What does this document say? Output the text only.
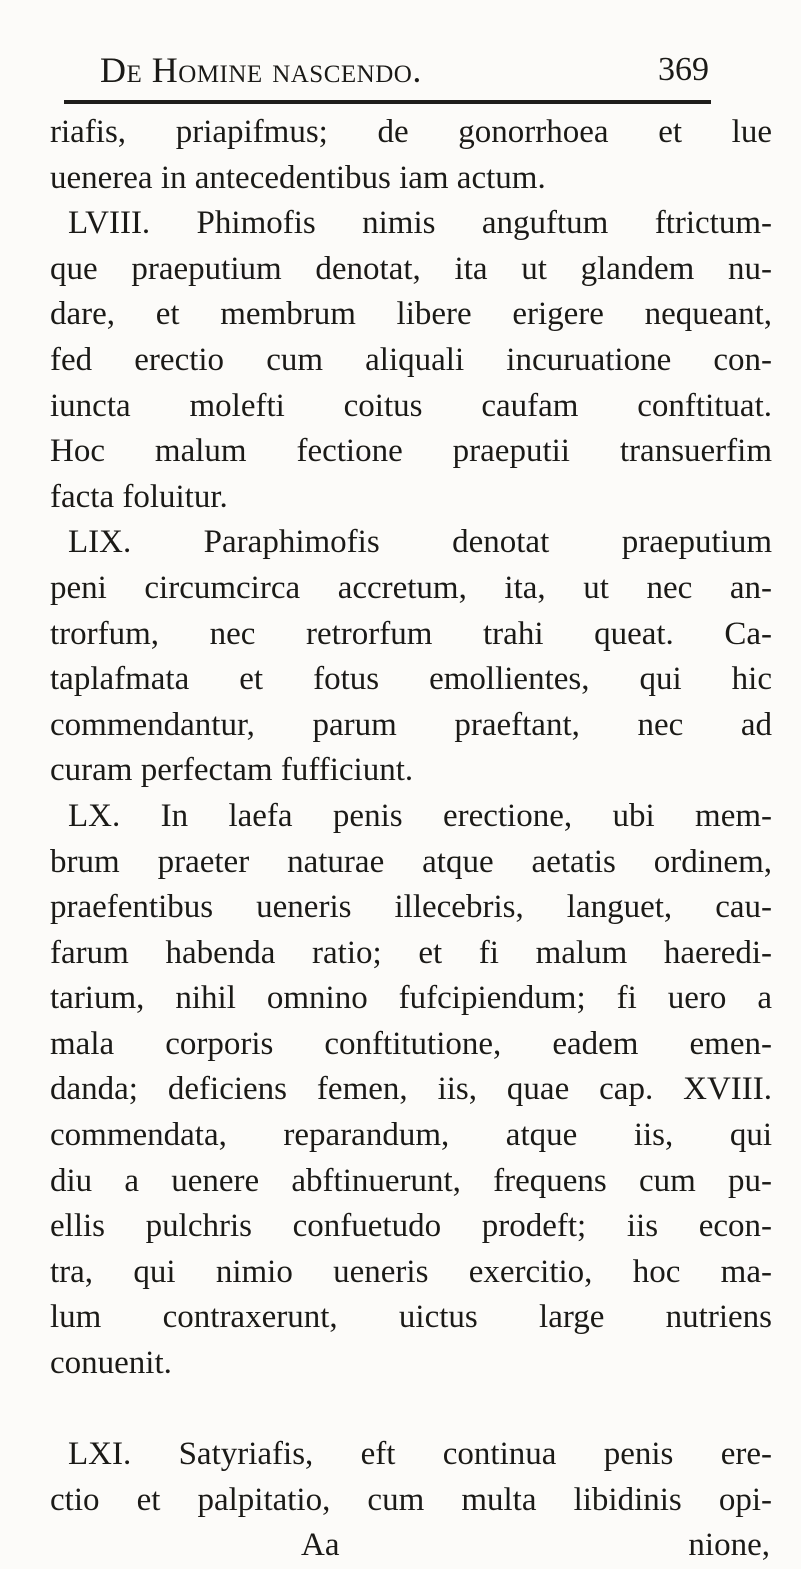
De Homine nascendo.	369
riafis, priapifmus; de gonorrhoea et lue
uenerea in antecedentibus iam actum.
LVIII. Phimofis nimis anguftum ftrictum-
que praeputium denotat, ita ut glandem nu-
dare, et membrum libere erigere nequeant,
fed erectio cum aliquali incuruatione con-
iuncta molefti coitus caufam conftituat.
Hoc malum fectione praeputii transuerfim
facta foluitur.
LIX. Paraphimofis denotat praeputium
peni circumcirca accretum, ita, ut nec an-
trorfum, nec retrorfum trahi queat. Ca-
taplafmata et fotus emollientes, qui hic
commendantur, parum praeftant, nec ad
curam perfectam fufficiunt.
LX. In laefa penis erectione, ubi mem-
brum praeter naturae atque aetatis ordinem,
praefentibus ueneris illecebris, languet, cau-
farum habenda ratio; et fi malum haeredi-
tarium, nihil omnino fufcipiendum; fi uero a
mala corporis conftitutione, eadem emen-
danda; deficiens femen, iis, quae cap. XVIII.
commendata, reparandum, atque iis, qui
diu a uenere abftinuerunt, frequens cum pu-
ellis pulchris confuetudo prodeft; iis econ-
tra, qui nimio ueneris exercitio, hoc ma-
lum contraxerunt, uictus large nutriens
conuenit.
LXI. Satyriafis, eft continua penis ere-
ctio et palpitatio, cum multa libidinis opi-
Aa	nione,
